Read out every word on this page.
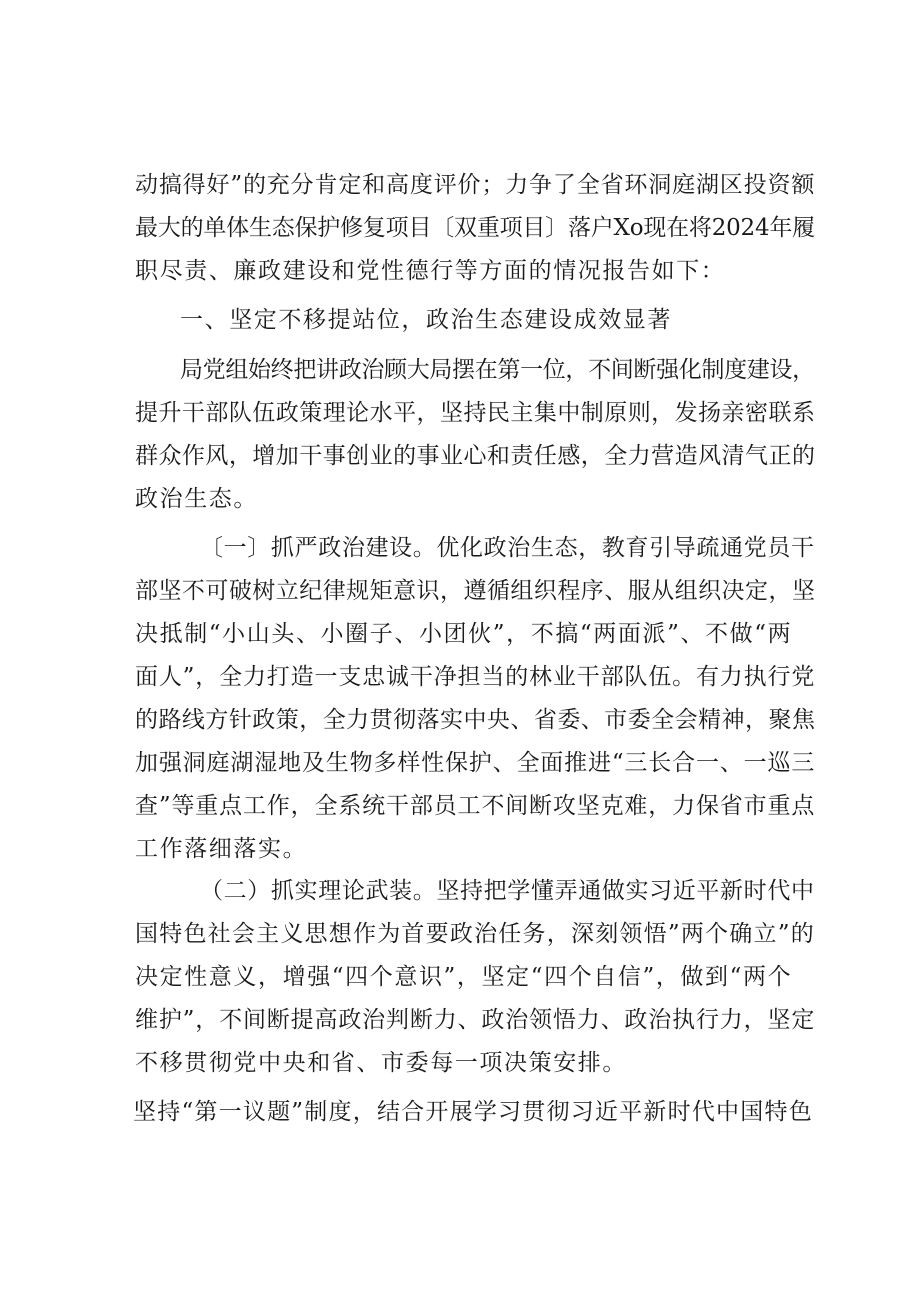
动搞得好”的充分肯定和高度评价；力争了全省环洞庭湖区投资额
最大的单体生态保护修复项目〔双重项目〕落户Xo现在将2024年履
职尽责、廉政建设和党性德行等方面的情况报告如下：
一、坚定不移提站位，政治生态建设成效显著
局党组始终把讲政治顾大局摆在第一位，不间断强化制度建设，
提升干部队伍政策理论水平，坚持民主集中制原则，发扬亲密联系
群众作风，增加干事创业的事业心和责任感，全力营造风清气正的
政治生态。
〔一〕抓严政治建设。优化政治生态，教育引导疏通党员干
部坚不可破树立纪律规矩意识，遵循组织程序、服从组织决定，坚
决抵制“小山头、小圈子、小团伙”，不搞“两面派”、不做“两
面人”，全力打造一支忠诚干净担当的林业干部队伍。有力执行党
的路线方针政策，全力贯彻落实中央、省委、市委全会精神，聚焦
加强洞庭湖湿地及生物多样性保护、全面推进“三长合一、一巡三
查”等重点工作，全系统干部员工不间断攻坚克难，力保省市重点
工作落细落实。
（二）抓实理论武装。坚持把学懂弄通做实习近平新时代中
国特色社会主义思想作为首要政治任务，深刻领悟”两个确立”的
决定性意义，增强“四个意识”，坚定“四个自信”，做到“两个
维护”，不间断提高政治判断力、政治领悟力、政治执行力，坚定
不移贯彻党中央和省、市委每一项决策安排。
坚持“第一议题”制度，结合开展学习贯彻习近平新时代中国特色
